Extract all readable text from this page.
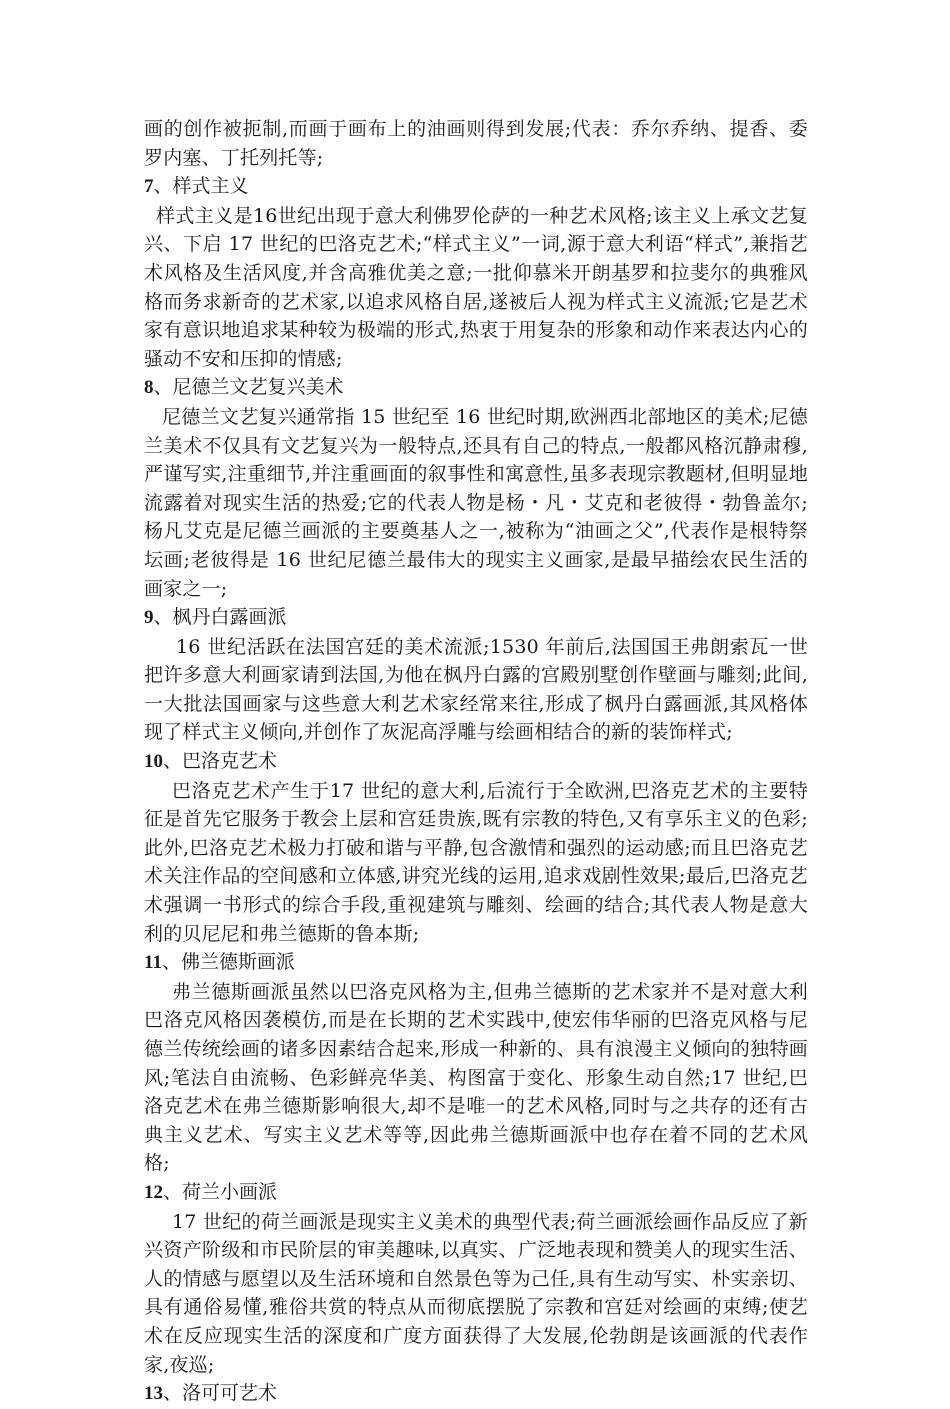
画的创作被扼制,而画于画布上的油画则得到发展;代表：乔尔乔纳、提香、委罗内塞、丁托列托等;

7、样式主义

样式主义是16世纪出现于意大利佛罗伦萨的一种艺术风格;该主义上承文艺复兴、下启 17 世纪的巴洛克艺术;“样式主义”一词,源于意大利语“样式”,兼指艺术风格及生活风度,并含高雅优美之意;一批仰慕米开朗基罗和拉斐尔的典雅风格而务求新奇的艺术家,以追求风格自居,遂被后人视为样式主义流派;它是艺术家有意识地追求某种较为极端的形式,热衷于用复杂的形象和动作来表达内心的骚动不安和压抑的情感;

8、尼德兰文艺复兴美术

尼德兰文艺复兴通常指 15 世纪至 16 世纪时期,欧洲西北部地区的美术;尼德兰美术不仅具有文艺复兴为一般特点,还具有自己的特点,一般都风格沉静肃穆,严谨写实,注重细节,并注重画面的叙事性和寓意性,虽多表现宗教题材,但明显地流露着对现实生活的热爱;它的代表人物是杨・凡・艾克和老彼得・勃鲁盖尔;杨凡艾克是尼德兰画派的主要奠基人之一,被称为“油画之父”,代表作是根特祭坛画;老彼得是 16 世纪尼德兰最伟大的现实主义画家,是最早描绘农民生活的画家之一;

9、枫丹白露画派

16 世纪活跃在法国宫廷的美术流派;1530 年前后,法国国王弗朗索瓦一世把许多意大利画家请到法国,为他在枫丹白露的宫殿别墅创作壁画与雕刻;此间,一大批法国画家与这些意大利艺术家经常来往,形成了枫丹白露画派,其风格体现了样式主义倾向,并创作了灰泥高浮雕与绘画相结合的新的装饰样式;

10、巴洛克艺术

巴洛克艺术产生于17 世纪的意大利,后流行于全欧洲,巴洛克艺术的主要特征是首先它服务于教会上层和宫廷贵族,既有宗教的特色,又有享乐主义的色彩;此外,巴洛克艺术极力打破和谐与平静,包含激情和强烈的运动感;而且巴洛克艺术关注作品的空间感和立体感,讲究光线的运用,追求戏剧性效果;最后,巴洛克艺术强调一书形式的综合手段,重视建筑与雕刻、绘画的结合;其代表人物是意大利的贝尼尼和弗兰德斯的鲁本斯;

11、佛兰德斯画派

弗兰德斯画派虽然以巴洛克风格为主,但弗兰德斯的艺术家并不是对意大利巴洛克风格因袭模仿,而是在长期的艺术实践中,使宏伟华丽的巴洛克风格与尼德兰传统绘画的诸多因素结合起来,形成一种新的、具有浪漫主义倾向的独特画风;笔法自由流畅、色彩鲜亮华美、构图富于变化、形象生动自然;17 世纪,巴洛克艺术在弗兰德斯影响很大,却不是唯一的艺术风格,同时与之共存的还有古典主义艺术、写实主义艺术等等,因此弗兰德斯画派中也存在着不同的艺术风格;

12、荷兰小画派

17 世纪的荷兰画派是现实主义美术的典型代表;荷兰画派绘画作品反应了新兴资产阶级和市民阶层的审美趣味,以真实、广泛地表现和赞美人的现实生活、人的情感与愿望以及生活环境和自然景色等为己任,具有生动写实、朴实亲切、具有通俗易懂,雅俗共赏的特点从而彻底摆脱了宗教和宫廷对绘画的束缚;使艺术在反应现实生活的深度和广度方面获得了大发展,伦勃朗是该画派的代表作家,夜巡;

13、洛可可艺术
